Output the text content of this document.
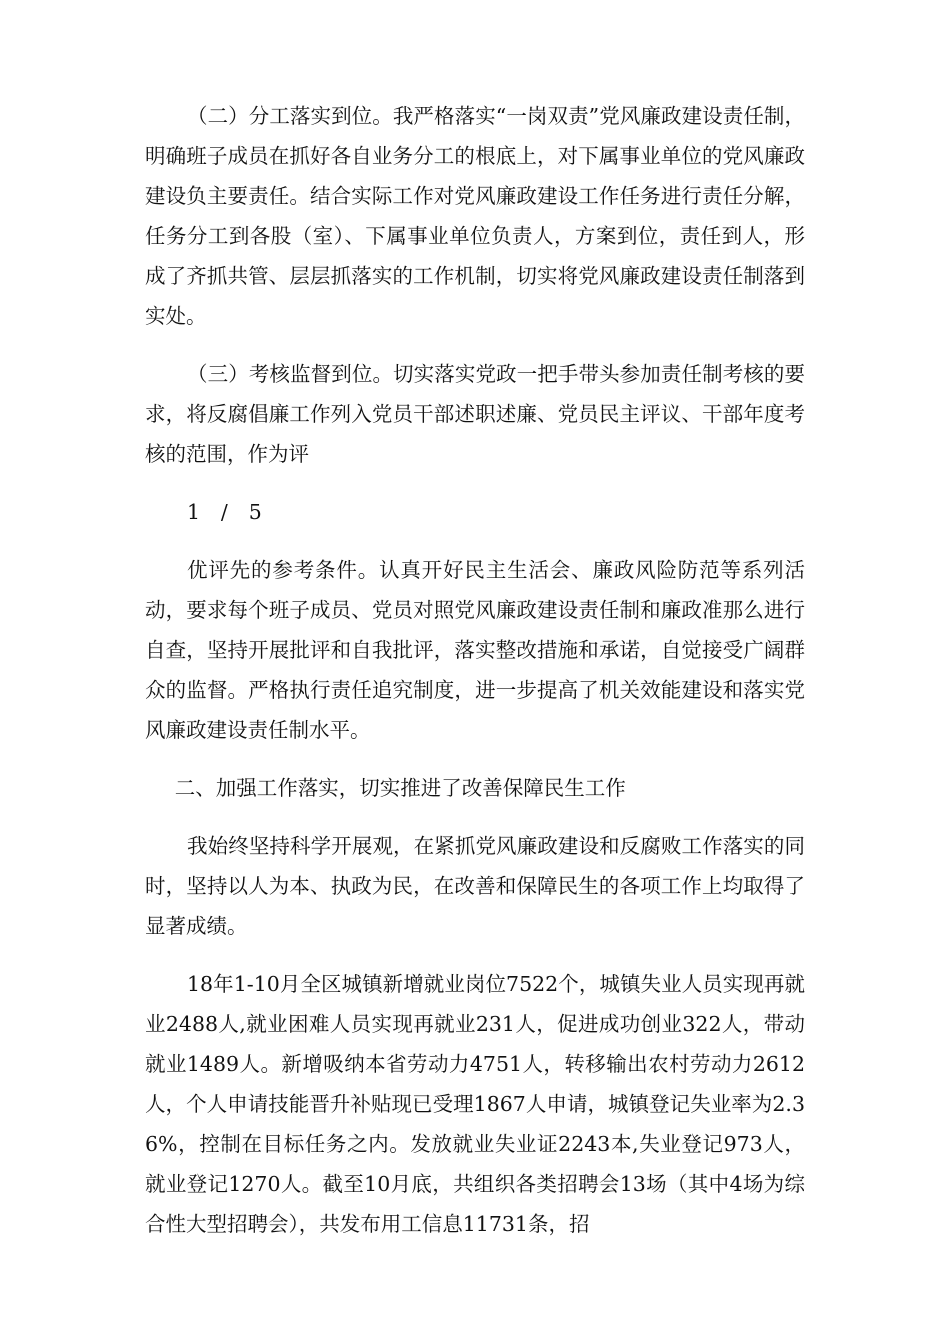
（二）分工落实到位。我严格落实“一岗双责”党风廉政建设责任制，明确班子成员在抓好各自业务分工的根底上，对下属事业单位的党风廉政建设负主要责任。结合实际工作对党风廉政建设工作任务进行责任分解，任务分工到各股（室）、下属事业单位负责人，方案到位，责任到人，形成了齐抓共管、层层抓落实的工作机制，切实将党风廉政建设责任制落到实处。

（三）考核监督到位。切实落实党政一把手带头参加责任制考核的要求，将反腐倡廉工作列入党员干部述职述廉、党员民主评议、干部年度考核的范围，作为评

1 / 5

优评先的参考条件。认真开好民主生活会、廉政风险防范等系列活动，要求每个班子成员、党员对照党风廉政建设责任制和廉政准那么进行自查，坚持开展批评和自我批评，落实整改措施和承诺，自觉接受广阔群众的监督。严格执行责任追究制度，进一步提高了机关效能建设和落实党风廉政建设责任制水平。

二、加强工作落实，切实推进了改善保障民生工作

我始终坚持科学开展观，在紧抓党风廉政建设和反腐败工作落实的同时，坚持以人为本、执政为民，在改善和保障民生的各项工作上均取得了显著成绩。

18年1-10月全区城镇新增就业岗位7522个，城镇失业人员实现再就业2488人,就业困难人员实现再就业231人，促进成功创业322人，带动就业1489人。新增吸纳本省劳动力4751人，转移输出农村劳动力2612人，个人申请技能晋升补贴现已受理1867人申请，城镇登记失业率为2.36%，控制在目标任务之内。发放就业失业证2243本,失业登记973人，就业登记1270人。截至10月底，共组织各类招聘会13场（其中4场为综合性大型招聘会），共发布用工信息11731条，招
